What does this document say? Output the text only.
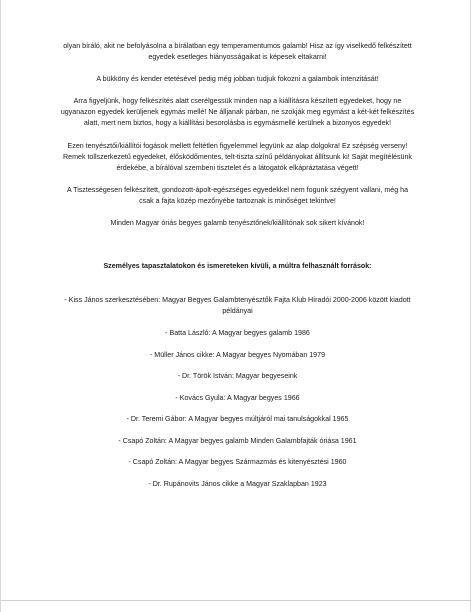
olyan bíráló, akit ne befolyásolna a bírálatban egy temperamentumos galamb! Hisz az így viselkedő felkészített egyedek esetleges hiányosságaikat is képesek eltakarni!

A bükköny és kender etetésével pedig még jobban tudjuk fokozni a galambok intenzitását!

Arra figyeljünk, hogy felkészítés alatt cserélgessük minden nap a kiállításra készített egyedeket, hogy ne ugyanazon egyedek kerüljenek egymás mellé! Ne álljanak párban, ne szokják meg egymást a két-két felkészítés alatt, mert nem biztos, hogy a kiállítási besorolásba is egymásmellé kerülnek a bizonyos egyedek!

Ezen tenyésztői/kiállítói fogások mellett feltétlen figyelemmel legyünk az alap dolgokra! Ez szépség verseny! Remek tollszerkezetű egyedeket, élősködőmentes, telt-tiszta színű példányokat állítsunk ki! Saját megítélésünk érdekébe, a bírálóval szembeni tisztelet és a látogatók elkápráztatása végett!

A Tisztességesen felkészített, gondozott-ápolt-egészséges egyedekkel nem fogunk szégyent vallani, még ha csak a fajta közép mezőnyébe tartoznak is minőséget tekintve!

Minden Magyar óriás begyes galamb tenyésztőnek/kiállítónak sok sikert kívánok!

Személyes tapasztalatokon és ismereteken kívüli, a múltra felhasznált források:

- Kiss János szerkesztésében: Magyar Begyes Galambtenyésztők Fajta Klub Híradói 2000-2006 között kiadott példányai
- Batta László: A Magyar begyes galamb 1986
- Müller János cikke: A Magyar begyes Nyomában 1979
- Dr. Török István: Magyar begyeseink
- Kovács Gyula: A Magyar begyes 1966
- Dr. Teremi Gábor: A Magyar begyes múltjáról mai tanulságokkal 1965
- Csapó Zoltán: A Magyar begyes galamb Minden Galambfajták óriása 1961
- Csapó Zoltán: A Magyar begyes Származmás és kitenyésztési 1960
- Dr. Rupánovits János cikke a Magyar Szaklapban 1923
